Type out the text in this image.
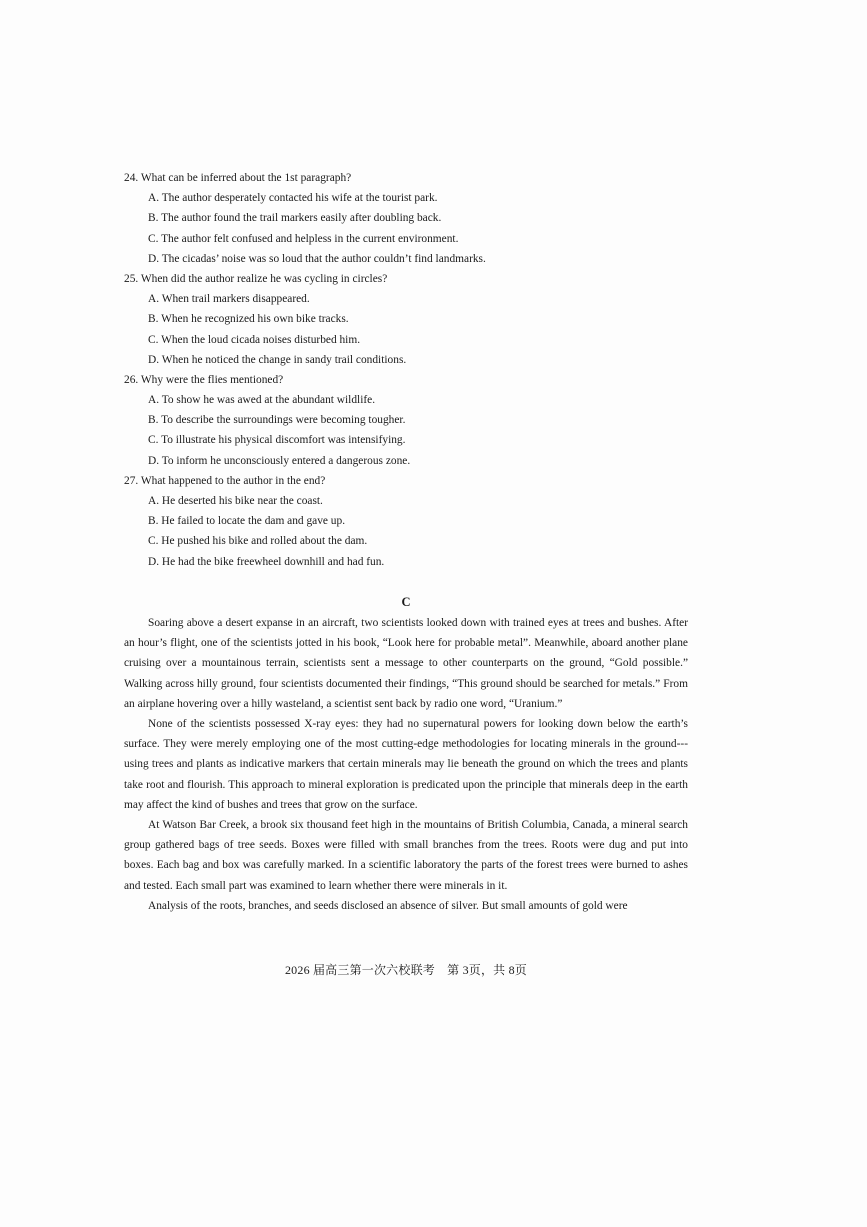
24. What can be inferred about the 1st paragraph?
A. The author desperately contacted his wife at the tourist park.
B. The author found the trail markers easily after doubling back.
C. The author felt confused and helpless in the current environment.
D. The cicadas’ noise was so loud that the author couldn’t find landmarks.
25. When did the author realize he was cycling in circles?
A. When trail markers disappeared.
B. When he recognized his own bike tracks.
C. When the loud cicada noises disturbed him.
D. When he noticed the change in sandy trail conditions.
26. Why were the flies mentioned?
A. To show he was awed at the abundant wildlife.
B. To describe the surroundings were becoming tougher.
C. To illustrate his physical discomfort was intensifying.
D. To inform he unconsciously entered a dangerous zone.
27. What happened to the author in the end?
A. He deserted his bike near the coast.
B. He failed to locate the dam and gave up.
C. He pushed his bike and rolled about the dam.
D. He had the bike freewheel downhill and had fun.
C

Soaring above a desert expanse in an aircraft, two scientists looked down with trained eyes at trees and bushes. After an hour’s flight, one of the scientists jotted in his book, “Look here for probable metal”. Meanwhile, aboard another plane cruising over a mountainous terrain, scientists sent a message to other counterparts on the ground, “Gold possible.” Walking across hilly ground, four scientists documented their findings, “This ground should be searched for metals.” From an airplane hovering over a hilly wasteland, a scientist sent back by radio one word, “Uranium.”

None of the scientists possessed X-ray eyes: they had no supernatural powers for looking down below the earth’s surface. They were merely employing one of the most cutting-edge methodologies for locating minerals in the ground---using trees and plants as indicative markers that certain minerals may lie beneath the ground on which the trees and plants take root and flourish. This approach to mineral exploration is predicated upon the principle that minerals deep in the earth may affect the kind of bushes and trees that grow on the surface.

At Watson Bar Creek, a brook six thousand feet high in the mountains of British Columbia, Canada, a mineral search group gathered bags of tree seeds. Boxes were filled with small branches from the trees. Roots were dug and put into boxes. Each bag and box was carefully marked. In a scientific laboratory the parts of the forest trees were burned to ashes and tested. Each small part was examined to learn whether there were minerals in it.

Analysis of the roots, branches, and seeds disclosed an absence of silver. But small amounts of gold were

2026 届高三第一次六校联考　第 3页，共 8页
